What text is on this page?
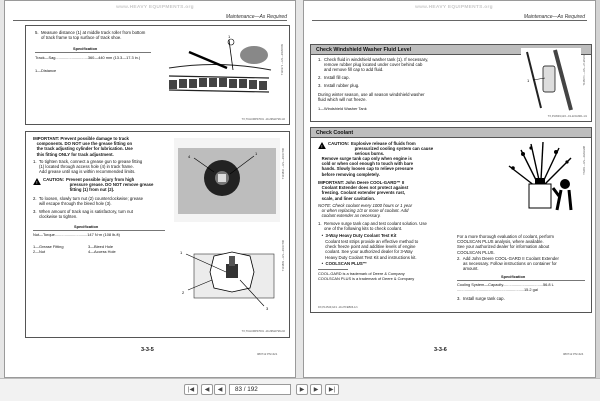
www.HEAVY EQUIPMENTS.org
Maintenance—As Required
5.  Measure distance (1) at middle track roller from bottom
of track frame to top surface of track shoe.
Specification
Track—Sag..............................360—440 mm (13.3—17.3 in.)
1—Distance
1
T120271 —UN—29MAY99
TX,TCHUMP07001 -19-29MAY98-1/2
IMPORTANT: Prevent possible damage to track
components. DO NOT use the grease fitting on
the track adjusting cylinder for lubrication. Use
this fitting ONLY for track adjustment.
1.  To tighten track, connect a grease gun to grease fitting
(1) located through access hole (4) in track frame.
Add grease until sag is within recommended limits.
!
CAUTION: Prevent possible injury from high
pressure grease. DO NOT remove grease
fitting (1) from nut (2).
2.  To loosen, slowly turn nut (2) counterclockwise; grease
will escape through the bleed hole (3).
3.  When amount of track sag is satisfactory, turn nut
clockwise to tighten.
Specification
Nut—Torque..............................147 N·m (108 lb-ft)
1—Grease Fitting
2—Nut
3—Bleed Hole
4—Access Hole
4
1	T101810 —UN—29OCT96
1
2
3
T101809 —UN—29OCT96
TX,TCHUMP07001 -19-29MAY98-2/2
3-3-5
080712 PN=421
www.HEAVY EQUIPMENTS.org
Maintenance—As Required
Check Windshield Washer Fluid Level
1.  Check fluid in windshield washer tank (1). If necessary,
remove rubber plug located under cover behind cab
and remove fill cap to add fluid.
2.  Install fill cap.
3.  Install rubber plug.
During winter season, use all season windshield washer
fluid which will not freeze.
1—Windshield Washer Tank
1	T145071 —UN—27JAN01
TX,P14549,GF1 -19-22JAN01-1/1
Check Coolant
!
CAUTION: Explosive release of fluids from
pressurized cooling system can cause
serious burns.
Remove surge tank cap only when engine is
cold or when cool enough to touch with bare
hands. Slowly loosen cap to relieve pressure
before removing completely.
IMPORTANT: John Deere COOL-GARD™ II
Coolant Extender does not protect against
freezing. Coolant extender prevents rust,
scale, and liner cavitation.
NOTE: Check coolant every 1000 hours or 1 year
or when replacing 1/3 or more of coolant. Add
coolant extender as necessary.
1.  Remove surge tank cap and test coolant solution. Use
one of the following kits to check coolant.
•  3-Way Heavy Duty Coolant Test Kit
Coolant test strips provide an effective method to
check freeze point and additive levels of engine
coolant. See your authorized dealer for 3-Way
Heavy Duty Coolant Test Kit and instructions kit.
•  COOLSCAN PLUS™
COOL-GARD is a trademark of Deere & Company
COOLSCAN PLUS is a trademark of Deere & Company
TS281 —UN—23AUG88
For a more thorough evaluation of coolant, perform
COOLSCAN PLUS analysis, where available.
See your authorized dealer for information about
COOLSCAN PLUS.
2.  Add John Deere COOL-GARD II Coolant Extender
as necessary. Follow instructions on container for
amount.
Specification
Cooling System—Capacity.....................................56.8 L
..............................................................15.2 gal
3.  Install surge tank cap.
DX,P14549,GF1 -19-27FEB06-1/1
3-3-6
080712 PN=424
|◀	◀	◀	83 / 192	▶	▶	▶|
